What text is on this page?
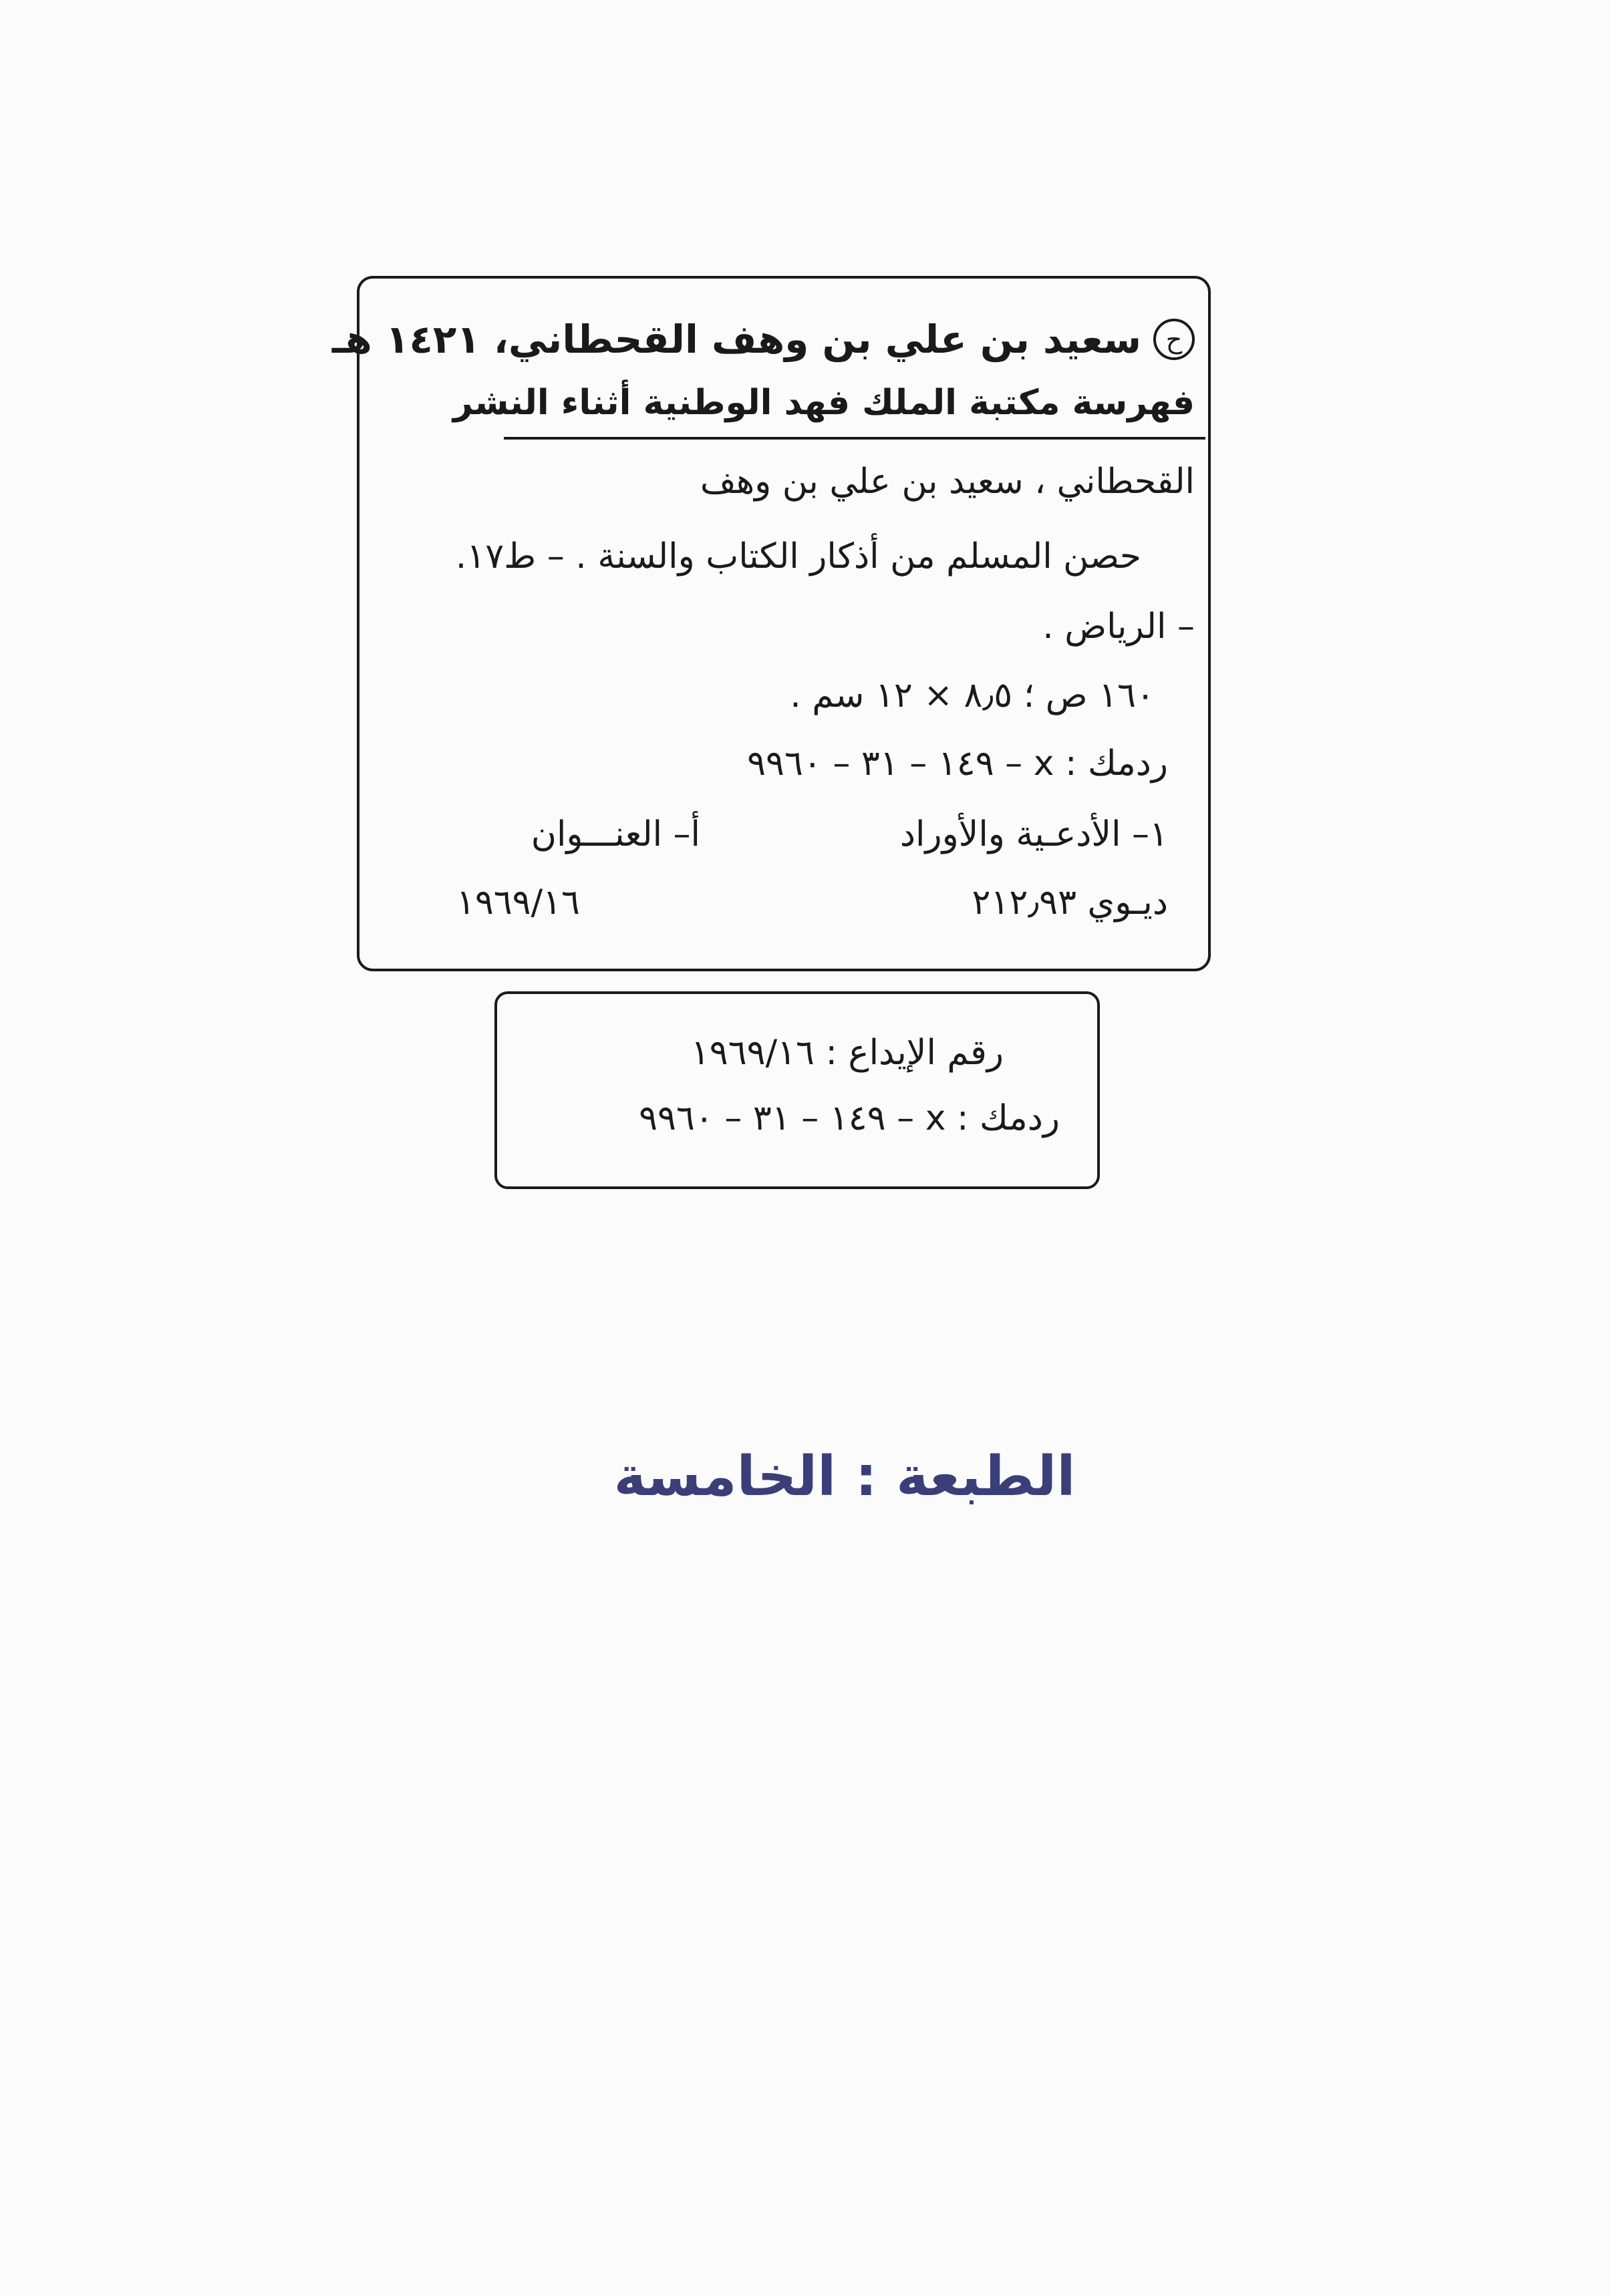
ح
سعيد بن علي بن وهف القحطاني، ١٤٢١ هـ
فهرسة مكتبة الملك فهد الوطنية أثناء النشر
القحطاني ، سعيد بن علي بن وهف
حصن المسلم من أذكار الكتاب والسنة . – ط١٧.
– الرياض .
١٦٠ ص ؛ ٨٫٥ × ١٢ سم .
ردمك : x – ١٤٩ – ٣١ – ٩٩٦٠
١– الأدعـية والأوراد
أ– العنـــوان
ديـوي ٢١٢٫٩٣
١٩٦٩/١٦
رقم الإيداع : ١٩٦٩/١٦
ردمك : x – ١٤٩ – ٣١ – ٩٩٦٠
الطبعة : الخامسة
